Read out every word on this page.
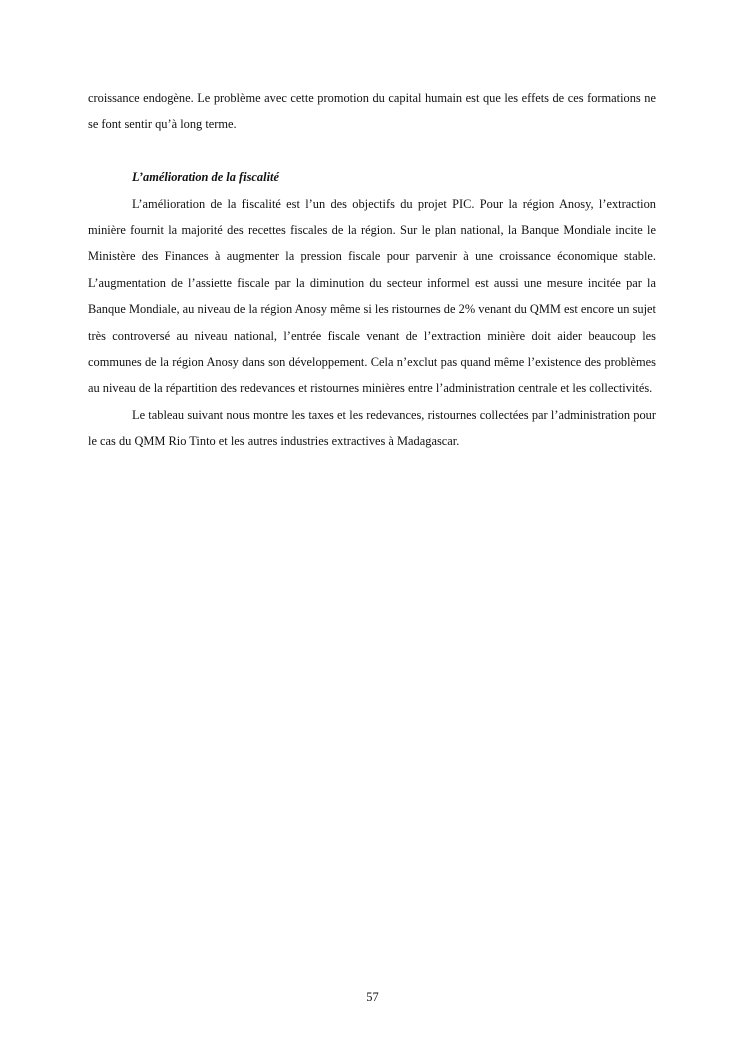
croissance endogène. Le problème avec cette promotion du capital humain est que les effets de ces formations ne se font sentir qu’à long terme.

L’amélioration de la fiscalité

L’amélioration de la fiscalité est l’un des objectifs du projet PIC. Pour la région Anosy, l’extraction minière fournit la majorité des recettes fiscales de la région. Sur le plan national, la Banque Mondiale incite le Ministère des Finances à augmenter la pression fiscale pour parvenir à une croissance économique stable. L’augmentation de l’assiette fiscale par la diminution du secteur informel est aussi une mesure incitée par la Banque Mondiale, au niveau de la région Anosy même si les ristournes de 2% venant du QMM est encore un sujet très controversé au niveau national, l’entrée fiscale venant de l’extraction minière doit aider beaucoup les communes de la région Anosy dans son développement. Cela n’exclut pas quand même l’existence des problèmes au niveau de la répartition des redevances et ristournes minières entre l’administration centrale et les collectivités.

Le tableau suivant nous montre les taxes et les redevances, ristournes collectées par l’administration pour le cas du QMM Rio Tinto et les autres industries extractives à Madagascar.

57
